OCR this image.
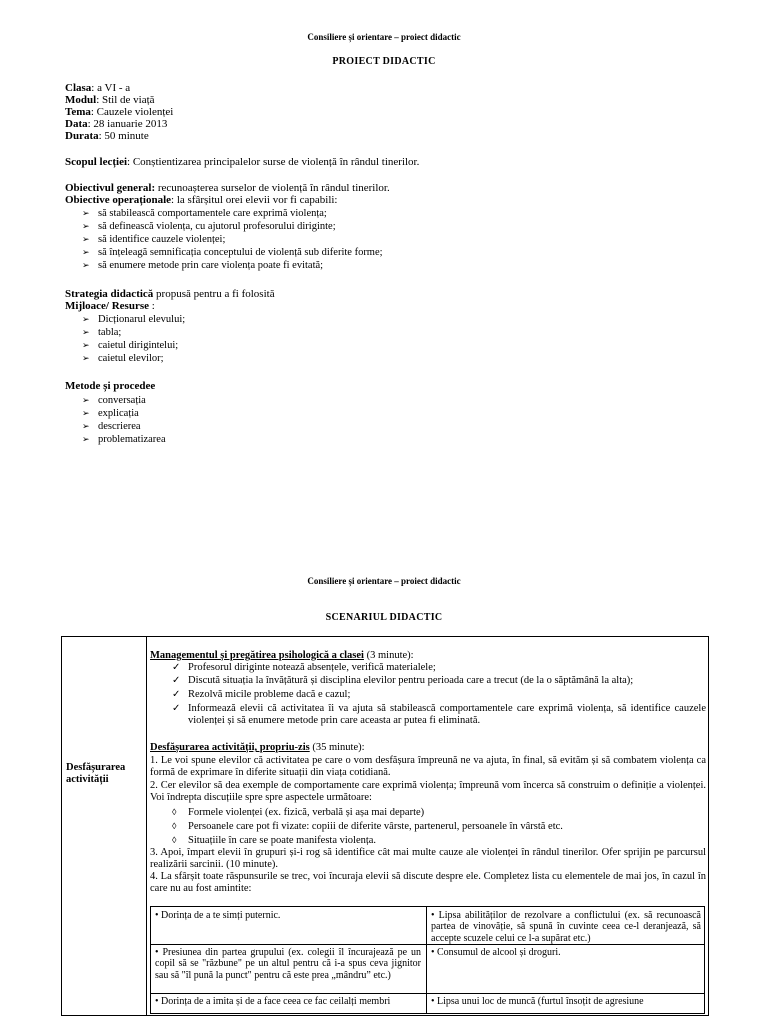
Consiliere și orientare – proiect didactic
PROIECT DIDACTIC
Clasa: a VI - a
Modul: Stil de viață
Tema: Cauzele violenței
Data: 28 ianuarie 2013
Durata: 50 minute
Scopul lecției: Conștientizarea principalelor surse de violență în rândul tinerilor.
Obiectivul general: recunoașterea surselor de violență în rândul tinerilor.
Obiective operaționale: la sfârșitul orei elevii vor fi capabili:
➢ să stabilească comportamentele care exprimă violența;
➢ să definească violența, cu ajutorul profesorului diriginte;
➢ să identifice cauzele violenței;
➢ să înțeleagă semnificația conceptului de violență sub diferite forme;
➢ să enumere metode prin care violența poate fi evitată;
Strategia didactică propusă pentru a fi folosită
Mijloace/ Resurse :
➢ Dicționarul elevului;
➢ tabla;
➢ caietul dirigintelui;
➢ caietul elevilor;
Metode și procedee
➢ conversația
➢ explicația
➢ descrierea
➢ problematizarea
Consiliere și orientare – proiect didactic
SCENARIUL DIDACTIC
Desfășurarea
activității
Managementul și pregătirea psihologică a clasei (3 minute):
✓ Profesorul diriginte notează absențele, verifică materialele;
✓ Discută situația la învățătură și disciplina elevilor pentru perioada care a trecut (de la o săptămână la alta);
✓ Rezolvă micile probleme dacă e cazul;
✓ Informează elevii că activitatea îi va ajuta să stabilească comportamentele care exprimă violența, să identifice cauzele violenței și să enumere metode prin care aceasta ar putea fi eliminată.
Desfășurarea activității, propriu-zis (35 minute):
1. Le voi spune elevilor că activitatea pe care o vom desfășura împreună ne va ajuta, în final, să evităm și să combatem violența ca formă de exprimare în diferite situații din viața cotidiană.
2. Cer elevilor să dea exemple de comportamente care exprimă violența; împreună vom încerca să construim o definiție a violenței. Voi îndrepta discuțiile spre spre aspectele următoare:
◊ Formele violenței (ex. fizică, verbală și așa mai departe)
◊ Persoanele care pot fi vizate: copiii de diferite vârste, partenerul, persoanele în vârstă etc.
◊ Situațiile în care se poate manifesta violența.
3. Apoi, împart elevii în grupuri și-i rog să identifice cât mai multe cauze ale violenței în rândul tinerilor. Ofer sprijin pe parcursul realizării sarcinii. (10 minute).
4. La sfârșit toate răspunsurile se trec, voi încuraja elevii să discute despre ele. Completez lista cu elementele de mai jos, în cazul în care nu au fost amintite:
• Dorința de a te simți puternic.	• Lipsa abilităților de rezolvare a conflictului (ex. să recunoască partea de vinovăție, să spună în cuvinte ceea ce-l deranjează, să accepte scuzele celui ce l-a supărat etc.)
• Presiunea din partea grupului (ex. colegii îl încurajează pe un copil să se "răzbune" pe un altul pentru că i-a spus ceva jignitor sau să "îl pună la punct" pentru că este prea „mândru” etc.)
• Consumul de alcool și droguri.
• Dorința de a imita și de a face ceea ce fac ceilalți membri	• Lipsa unui loc de muncă (furtul însoțit de agresiune
